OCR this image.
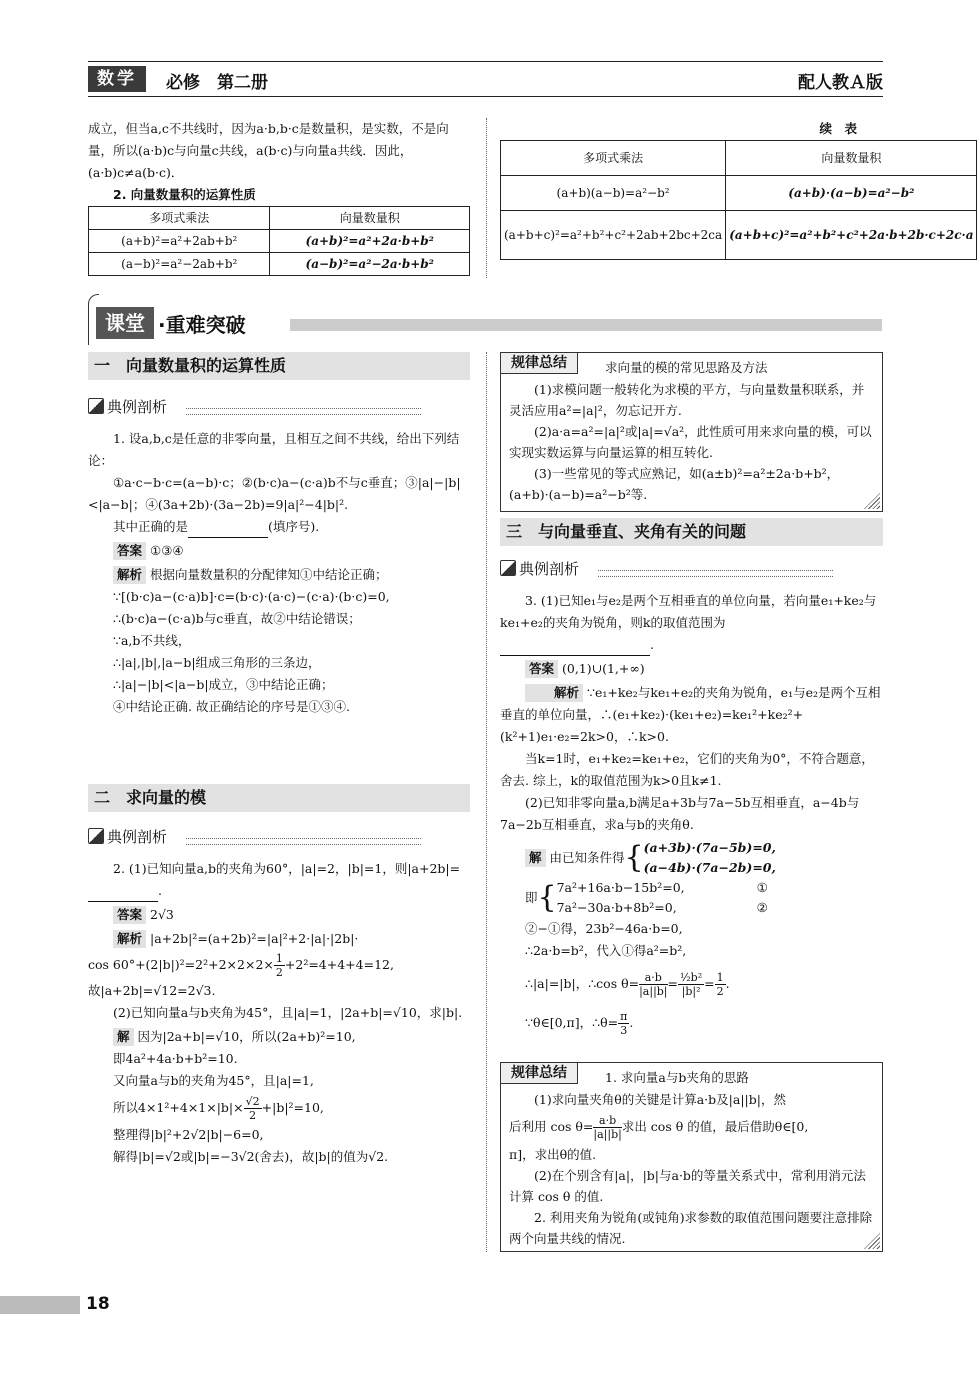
数学	必修　第二册	配人教Ａ版

成立，但当a,c不共线时，因为a·b,b·c是数量积，是实数，不是向量，所以(a·b)c与向量c共线，a(b·c)与向量a共线．因此，(a·b)c≠a(b·c)．

2. 向量数量积的运算性质

多项式乘法	向量数量积
(a+b)²=a²+2ab+b²	(a+b)²=a²+2a·b+b²
(a−b)²=a²−2ab+b²	(a−b)²=a²−2a·b+b²
续　表
多项式乘法	向量数量积
(a+b)(a−b)=a²−b²	(a+b)·(a−b)=a²−b²
(a+b+c)²=a²+b²+c²+2ab+2bc+2ca	(a+b+c)²=a²+b²+c²+2a·b+2b·c+2c·a
课堂 ·重难突破
一　向量数量积的运算性质
典例剖析

1. 设a,b,c是任意的非零向量，且相互之间不共线，给出下列结论：

①a·c−b·c=(a−b)·c；②(b·c)a−(c·a)b不与c垂直；③|a|−|b|<|a−b|；④(3a+2b)·(3a−2b)=9|a|²−4|b|².

其中正确的是	(填序号).

答案 ①③④

解析 根据向量数量积的分配律知①中结论正确；

∵[(b·c)a−(c·a)b]·c=(b·c)·(a·c)−(c·a)·(b·c)=0,

∴(b·c)a−(c·a)b与c垂直，故②中结论错误；

∵a,b不共线，

∴|a|,|b|,|a−b|组成三角形的三条边，

∴|a|−|b|<|a−b|成立，③中结论正确；

④中结论正确. 故正确结论的序号是①③④.

二　求向量的模
典例剖析

2. (1)已知向量a,b的夹角为60°，|a|=2，|b|=1，则|a+2b|=.

答案 2√3

解析 |a+2b|²=(a+2b)²=|a|²+2·|a|·|2b|·

$\cos 60^\circ+(2|b|)^2=2^2+2\times 2\times 2\times \frac{1}{2} +2^2=4+4+4=12$,

故|a+2b|=√12=2√3.

(2)已知向量a与b夹角为45°，且|a|=1，|2a+b|=√10，求|b|.

解 因为|2a+b|=√10，所以(2a+b)²=10,

即4a²+4a·b+b²=10.

又向量a与b的夹角为45°，且|a|=1,

所以$4\times 1^2+4\times 1\times|b|\times \frac{√2}{2} +|b|^2=10$,

整理得|b|²+2√2|b|−6=0,

解得|b|=√2或|b|=−3√2(舍去)，故|b|的值为√2.

规律总结	求向量的模的常见思路及方法

(1)求模问题一般转化为求模的平方，与向量数量积联系，并灵活应用a²=|a|²，勿忘记开方.

(2)a·a=a²=|a|²或|a|=√a²，此性质可用来求向量的模，可以实现实数运算与向量运算的相互转化.

(3)一些常见的等式应熟记，如(a±b)²=a²±2a·b+b²，(a+b)·(a−b)=a²−b²等.

三　与向量垂直、夹角有关的问题
典例剖析

3. (1)已知e₁与e₂是两个互相垂直的单位向量，若向量e₁+ke₂与ke₁+e₂的夹角为锐角，则k的取值范围为

.

答案 (0,1)∪(1,+∞)

解析 ∵e₁+ke₂与ke₁+e₂的夹角为锐角，e₁与e₂是两个互相垂直的单位向量，∴(e₁+ke₂)·(ke₁+e₂)=ke₁²+ke₂²+(k²+1)e₁·e₂=2k>0，∴k>0.

当k=1时，e₁+ke₂=ke₁+e₂，它们的夹角为0°，不符合题意，舍去. 综上，k的取值范围为k>0且k≠1.

(2)已知非零向量a,b满足a+3b与7a−5b互相垂直，a−4b与7a−2b互相垂直，求a与b的夹角θ.

解
由已知条件得 { (a+3b)·(7a−5b)=0,
(a−4b)·(7a−2b)=0,
即 { 7a²+16a·b−15b²=0,
7a²−30a·b+8b²=0,
①
②

②−①得，23b²−46a·b=0,

∴2a·b=b²，代入①得a²=b²,

∴|a|=|b|，∴cos $\theta= \frac{a\cdot b}{|a||b|} = \frac{\text{½b²}}{\text{|b|²}} = \frac{1}{2}$ .

∵θ∈[0,π]，∴θ= $\frac{\pi}{3}$ .

规律总结	1. 求向量a与b夹角的思路

(1)求向量夹角θ的关键是计算a·b及|a||b|，然

后利用 $\cos \theta= \frac{a\cdot b}{|a||b|}$ 求出 cos θ 的值，最后借助θ∈[0,

π]，求出θ的值.

(2)在个别含有|a|，|b|与a·b的等量关系式中，常利用消元法计算 cos θ 的值.

2. 利用夹角为锐角(或钝角)求参数的取值范围问题要注意排除两个向量共线的情况.

18
